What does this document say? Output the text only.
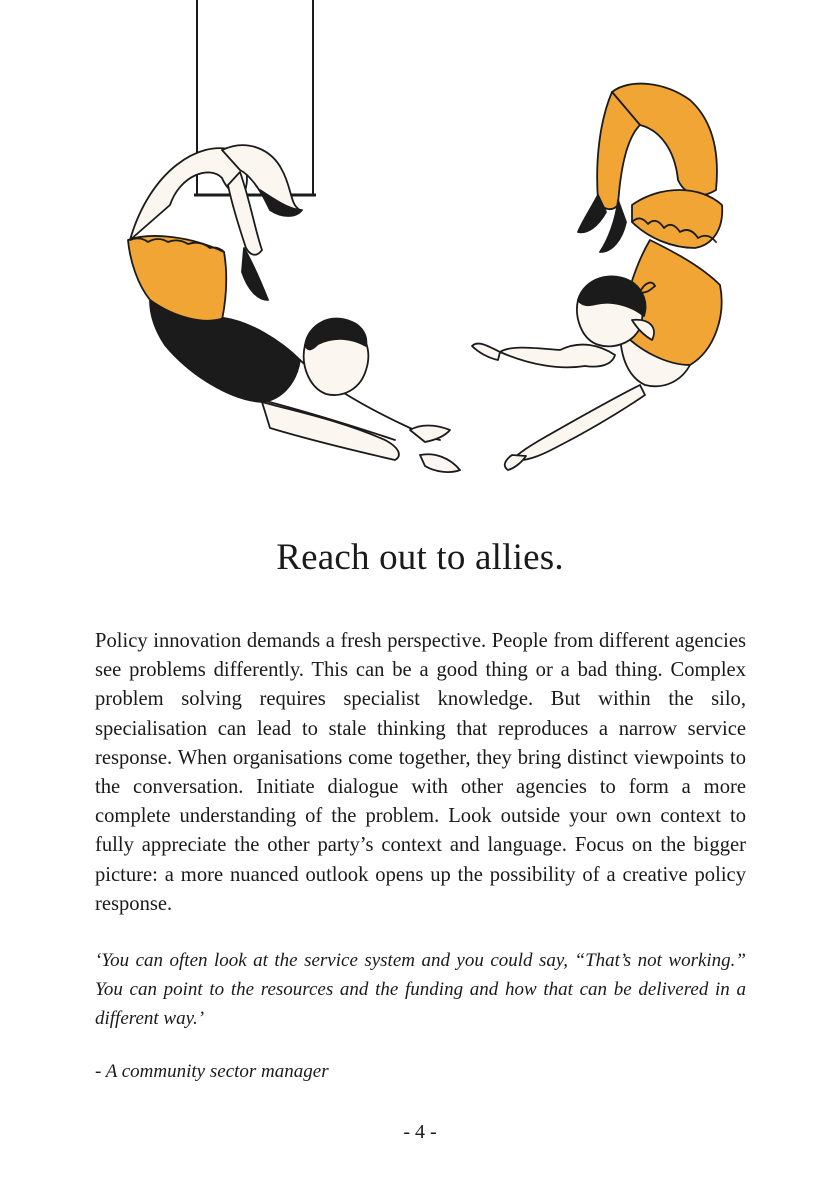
Reach out to allies.

Policy innovation demands a fresh perspective. People from different agencies see problems differently. This can be a good thing or a bad thing. Complex problem solving requires specialist knowledge. But within the silo, specialisation can lead to stale thinking that reproduces a narrow service response. When organisations come together, they bring distinct viewpoints to the conversation. Initiate dialogue with other agencies to form a more complete understanding of the problem. Look outside your own context to fully appreciate the other party’s context and language. Focus on the bigger picture: a more nuanced outlook opens up the possibility of a creative policy response.

‘You can often look at the service system and you could say, “That’s not working.” You can point to the resources and the funding and how that can be delivered in a different way.’

- A community sector manager

- 4 -
